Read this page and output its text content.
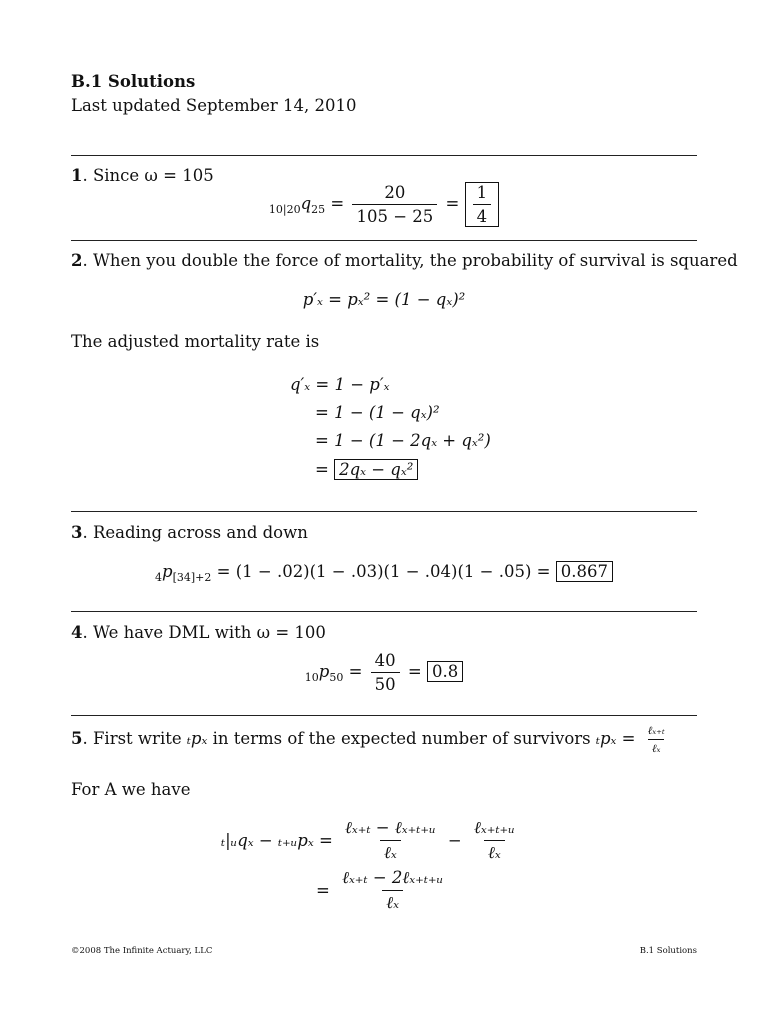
B.1 Solutions
Last updated September 14, 2010
1. Since ω = 105
$_{10|20}q_{25} = \frac{20}{105 - 25} = \frac{1}{4}$
2. When you double the force of mortality, the probability of survival is squared
p′ₓ = pₓ² = (1 − qₓ)²
The adjusted mortality rate is
q′ₓ = 1 − p′ₓ
= 1 − (1 − qₓ)²
= 1 − (1 − 2qₓ + qₓ²)
= 2qₓ − qₓ²
3. Reading across and down
$_4p_{[34]+2} = (1 - .02)(1 - .03)(1 - .04)(1 - .05) = 0.867$
4. We have DML with ω = 100
$_{10}p_{50} = \frac{40}{50} = 0.8$
5. First write ₜpₓ in terms of the expected number of survivors $_tp_x = \frac{\text{ℓₓ₊ₜ}}{\text{ℓₓ}}$
For A we have
ₜ|ᵤqₓ − ₜ₊ᵤpₓ = $\frac{\text{ℓₓ₊ₜ − ℓₓ₊ₜ₊ᵤ}}{\text{ℓₓ}} - \frac{\text{ℓₓ₊ₜ₊ᵤ}}{\text{ℓₓ}}$
= $\frac{\text{ℓₓ₊ₜ − 2ℓₓ₊ₜ₊ᵤ}}{\text{ℓₓ}}$
©2008 The Infinite Actuary, LLC	B.1 Solutions
